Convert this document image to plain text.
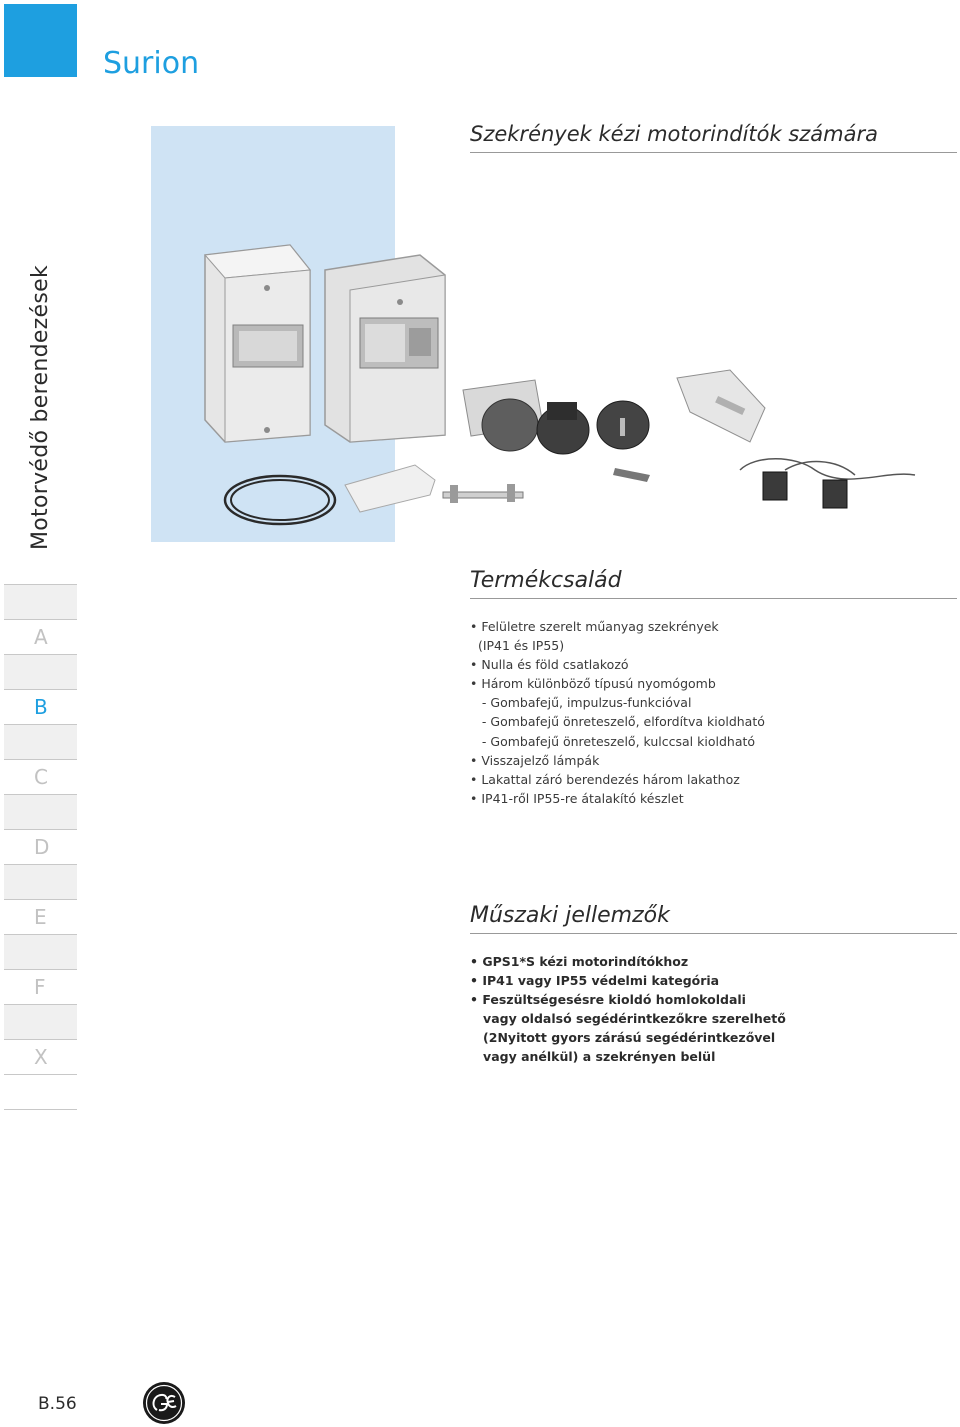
Surion
Szekrények kézi motorindítók számára
Motorvédő berendezések
A
B
C
D
E
F
X
Termékcsalád
• Felületre szerelt műanyag szekrények
(IP41 és IP55)
• Nulla és föld csatlakozó
• Három különböző típusú nyomógomb
- Gombafejű, impulzus-funkcióval
- Gombafejű önreteszelő, elfordítva kioldható
- Gombafejű önreteszelő, kulccsal kioldható
• Visszajelző lámpák
• Lakattal záró berendezés három lakathoz
• IP41-ről IP55-re átalakító készlet
Műszaki jellemzők
• GPS1*S kézi motorindítókhoz
• IP41 vagy IP55 védelmi kategória
• Feszültségesésre kioldó homlokoldali
vagy oldalsó segédérintkezőkre szerelhető
(2Nyitott gyors zárású segédérintkezővel
vagy anélkül) a szekrényen belül
B.56
